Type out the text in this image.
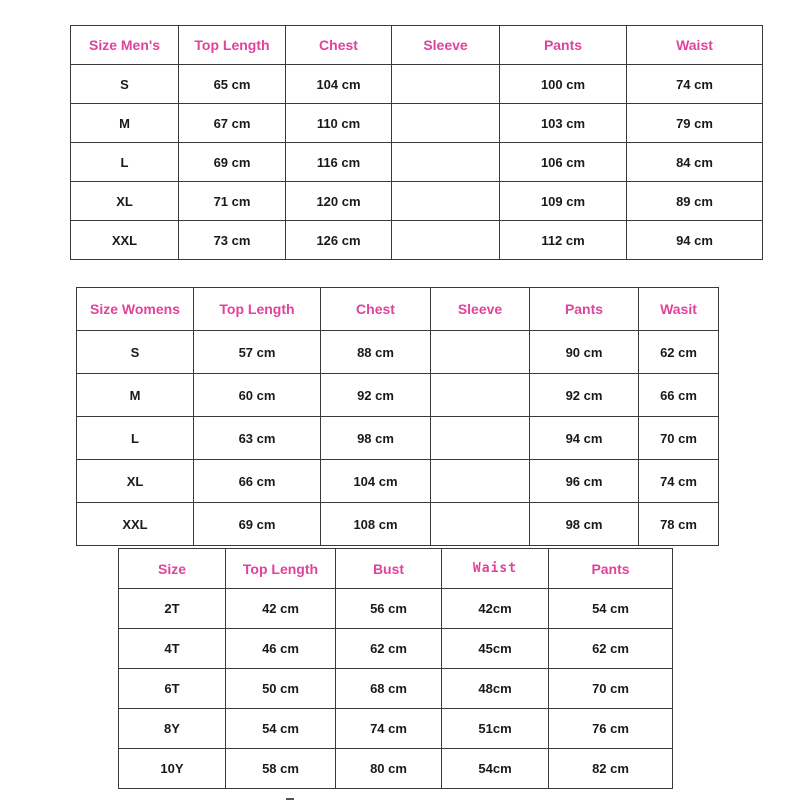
Size Men's	Top Length	Chest	Sleeve	Pants	Waist
S	65 cm	104 cm		100 cm	74 cm
M	67 cm	110 cm		103 cm	79 cm
L	69 cm	116 cm		106 cm	84 cm
XL	71 cm	120 cm		109 cm	89 cm
XXL	73 cm	126 cm		112 cm	94 cm
Size Womens	Top Length	Chest	Sleeve	Pants	Wasit
S	57 cm	88 cm		90 cm	62 cm
M	60 cm	92 cm		92 cm	66 cm
L	63 cm	98 cm		94 cm	70 cm
XL	66 cm	104 cm		96 cm	74 cm
XXL	69 cm	108 cm		98 cm	78 cm
Size	Top Length	Bust	Waist	Pants
2T	42 cm	56 cm	42cm	54 cm
4T	46 cm	62 cm	45cm	62 cm
6T	50 cm	68 cm	48cm	70 cm
8Y	54 cm	74 cm	51cm	76 cm
10Y	58 cm	80 cm	54cm	82 cm
